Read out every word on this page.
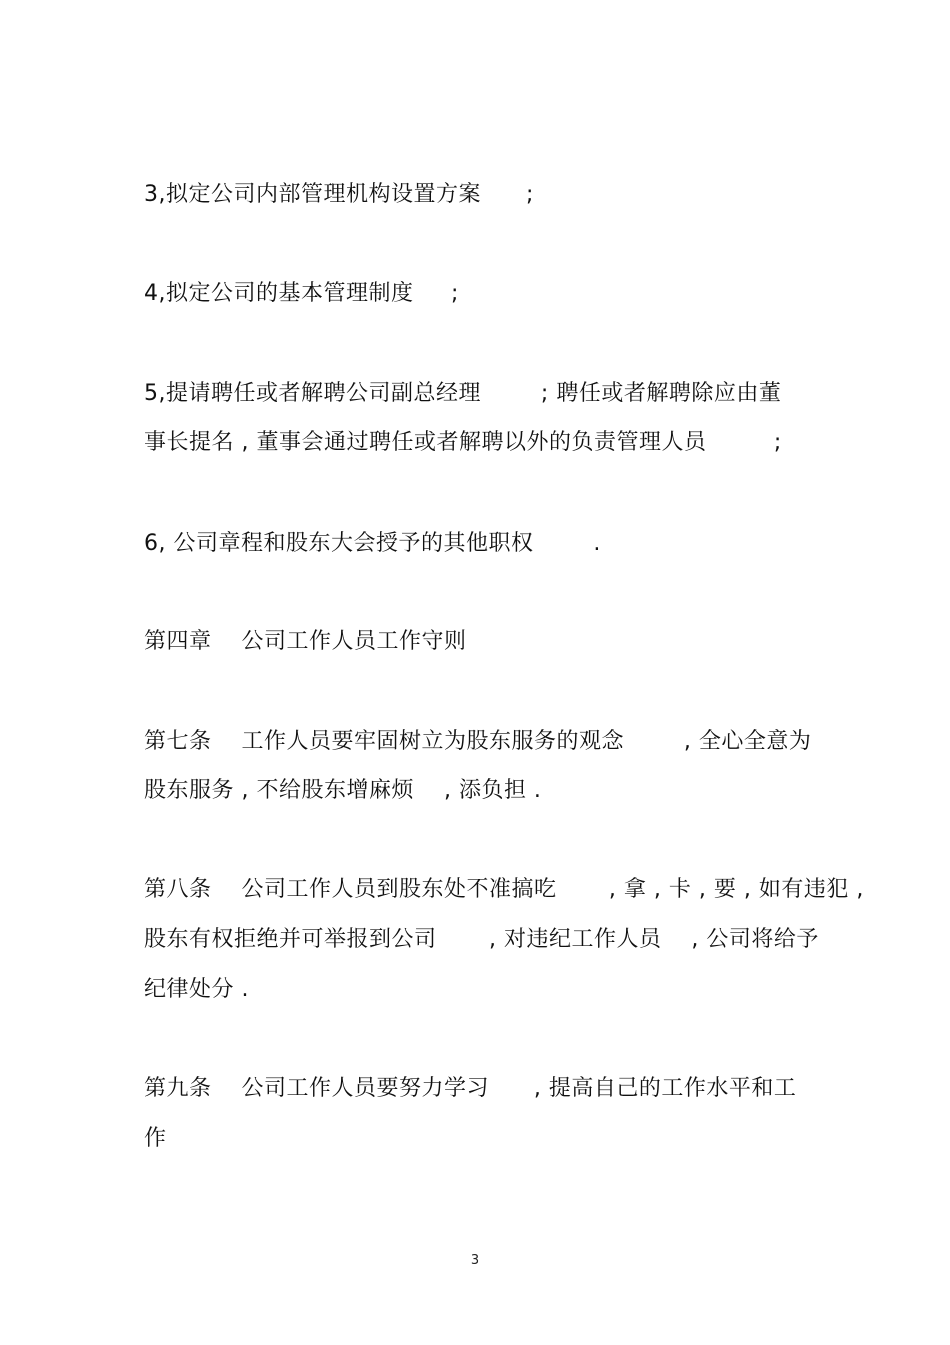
3,拟定公司内部管理机构设置方案      ;
4,拟定公司的基本管理制度     ;
5,提请聘任或者解聘公司副总经理        ; 聘任或者解聘除应由董
事长提名 , 董事会通过聘任或者解聘以外的负责管理人员         ;
6, 公司章程和股东大会授予的其他职权        .
第四章    公司工作人员工作守则
第七条    工作人员要牢固树立为股东服务的观念        , 全心全意为
股东服务 , 不给股东增麻烦    , 添负担 .
第八条    公司工作人员到股东处不准搞吃       , 拿 , 卡 , 要 , 如有违犯 ,
股东有权拒绝并可举报到公司       , 对违纪工作人员    , 公司将给予
纪律处分 .
第九条    公司工作人员要努力学习      , 提高自己的工作水平和工
作
3
